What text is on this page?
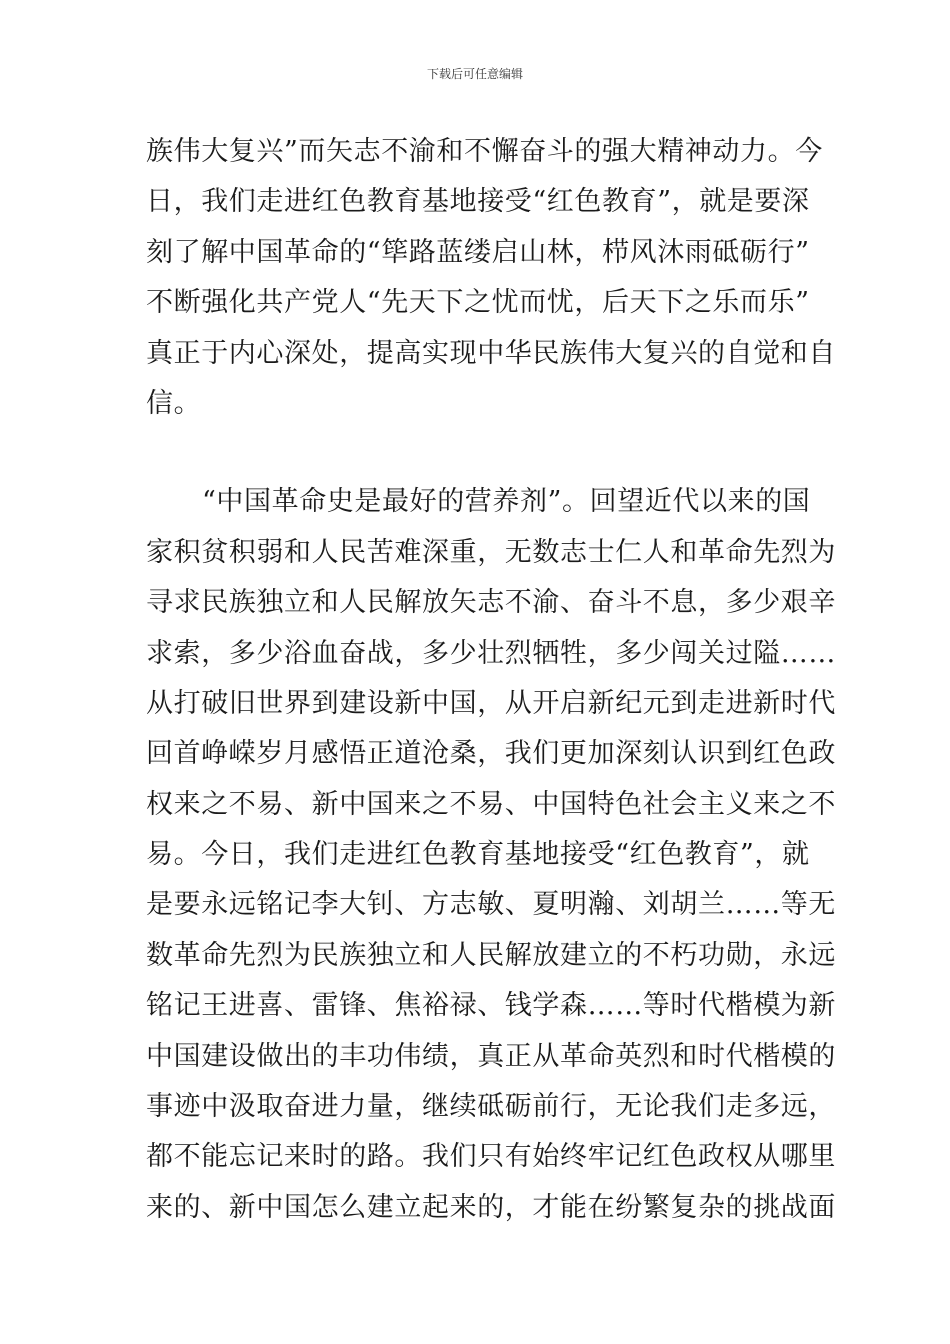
下载后可任意编辑
族伟大复兴”而矢志不渝和不懈奋斗的强大精神动力。今
日，我们走进红色教育基地接受“红色教育”，就是要深
刻了解中国革命的“筚路蓝缕启山林，栉风沐雨砥砺行”
不断强化共产党人“先天下之忧而忧，后天下之乐而乐”
真正于内心深处，提高实现中华民族伟大复兴的自觉和自
信。
“中国革命史是最好的营养剂”。回望近代以来的国
家积贫积弱和人民苦难深重，无数志士仁人和革命先烈为
寻求民族独立和人民解放矢志不渝、奋斗不息，多少艰辛
求索，多少浴血奋战，多少壮烈牺牲，多少闯关过隘……
从打破旧世界到建设新中国，从开启新纪元到走进新时代
回首峥嵘岁月感悟正道沧桑，我们更加深刻认识到红色政
权来之不易、新中国来之不易、中国特色社会主义来之不
易。今日，我们走进红色教育基地接受“红色教育”，就
是要永远铭记李大钊、方志敏、夏明瀚、刘胡兰……等无
数革命先烈为民族独立和人民解放建立的不朽功勋，永远
铭记王进喜、雷锋、焦裕禄、钱学森……等时代楷模为新
中国建设做出的丰功伟绩，真正从革命英烈和时代楷模的
事迹中汲取奋进力量，继续砥砺前行，无论我们走多远，
都不能忘记来时的路。我们只有始终牢记红色政权从哪里
来的、新中国怎么建立起来的，才能在纷繁复杂的挑战面
